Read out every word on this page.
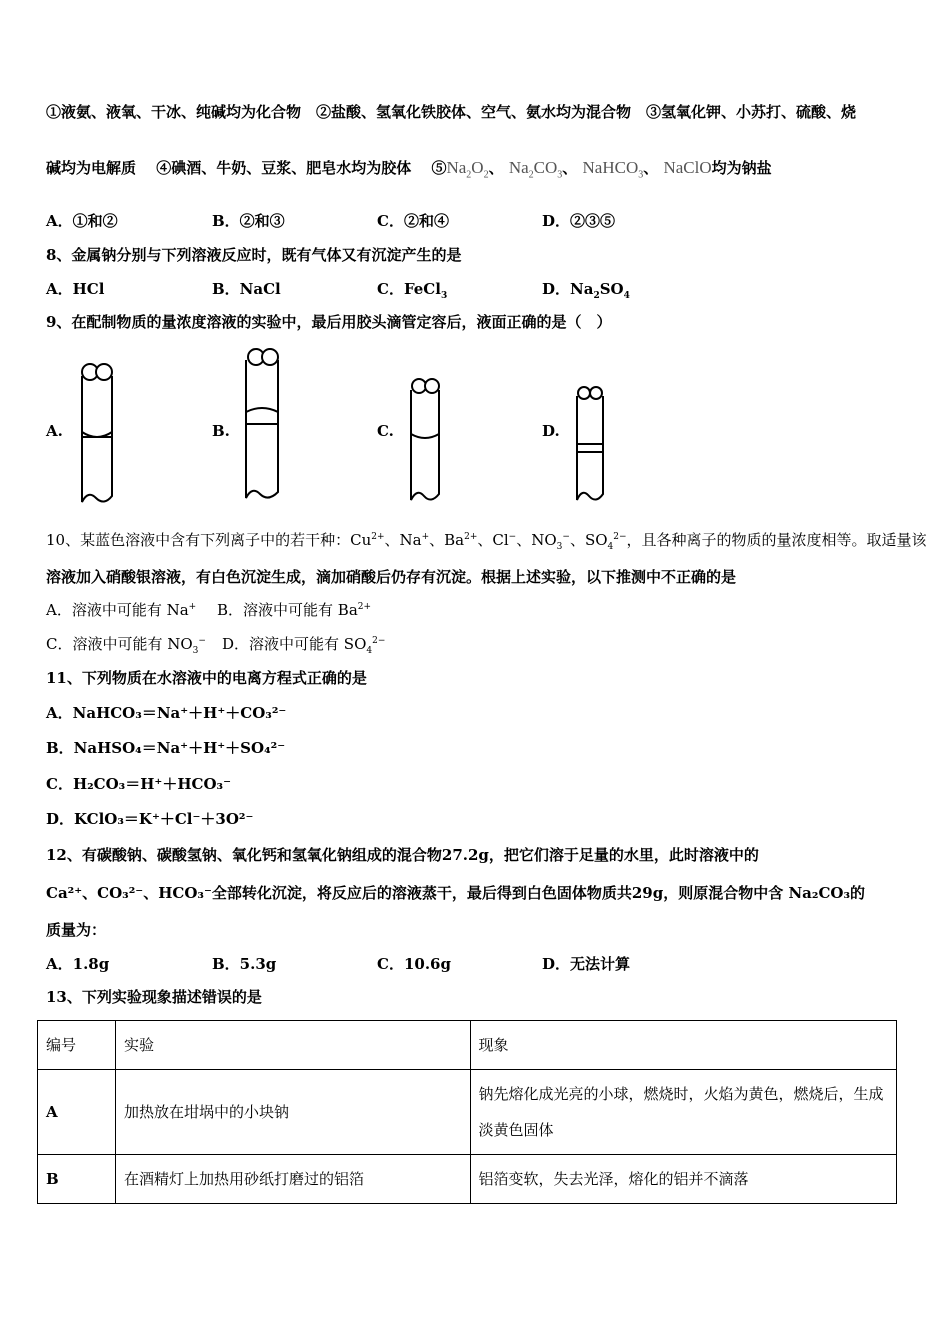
①液氨、液氧、干冰、纯碱均为化合物　②盐酸、氢氧化铁胶体、空气、氨水均为混合物　③氢氧化钾、小苏打、硫酸、烧
碱均为电解质　 ④碘酒、牛奶、豆浆、肥皂水均为胶体　 $⑤Na_2O_2$、 $Na_2CO_3$、 NaHCO$_3$、 NaClO均为钠盐
A．①和②	B．②和③	C．②和④	D．②③⑤
8、金属钠分别与下列溶液反应时，既有气体又有沉淀产生的是
A．HCl	B．NaCl	C．FeCl$_3$	D．$Na_2SO_4$
9、在配制物质的量浓度溶液的实验中，最后用胶头滴管定容后，液面正确的是（　）
A.	B.	C.	D.
10、某蓝色溶液中含有下列离子中的若干种：$Cu^{2+}$、Na+、$Ba^{2+}$、Cl−、$NO_3^-$、$SO_4^{2-}$，且各种离子的物质的量浓度相等。取适量该
溶液加入硝酸银溶液，有白色沉淀生成，滴加硝酸后仍存有沉淀。根据上述实验，以下推测中不正确的是
A．溶液中可能有 Na+ B．溶液中可能有 $Ba^{2+}$
C．溶液中可能有 $NO_3^-$ D．溶液中可能有 $SO_4^{2-}$
11、下列物质在水溶液中的电离方程式正确的是
A．NaHCO₃＝Na⁺＋H⁺＋CO₃²⁻
B．NaHSO₄＝Na⁺＋H⁺＋SO₄²⁻
C．H₂CO₃＝H⁺＋HCO₃⁻
D．KClO₃＝K⁺＋Cl⁻＋3O²⁻
12、有碳酸钠、碳酸氢钠、氧化钙和氢氧化钠组成的混合物27.2g，把它们溶于足量的水里，此时溶液中的
Ca²⁺、CO₃²⁻、HCO₃⁻全部转化沉淀，将反应后的溶液蒸干，最后得到白色固体物质共29g，则原混合物中含 Na₂CO₃的
质量为：
A．1.8g	B．5.3g	C．10.6g	D．无法计算
13、下列实验现象描述错误的是
编号	实验	现象
A	加热放在坩埚中的小块钠	钠先熔化成光亮的小球，燃烧时，火焰为黄色，燃烧后，生成淡黄色固体
B	在酒精灯上加热用砂纸打磨过的铝箔	铝箔变软，失去光泽，熔化的铝并不滴落
